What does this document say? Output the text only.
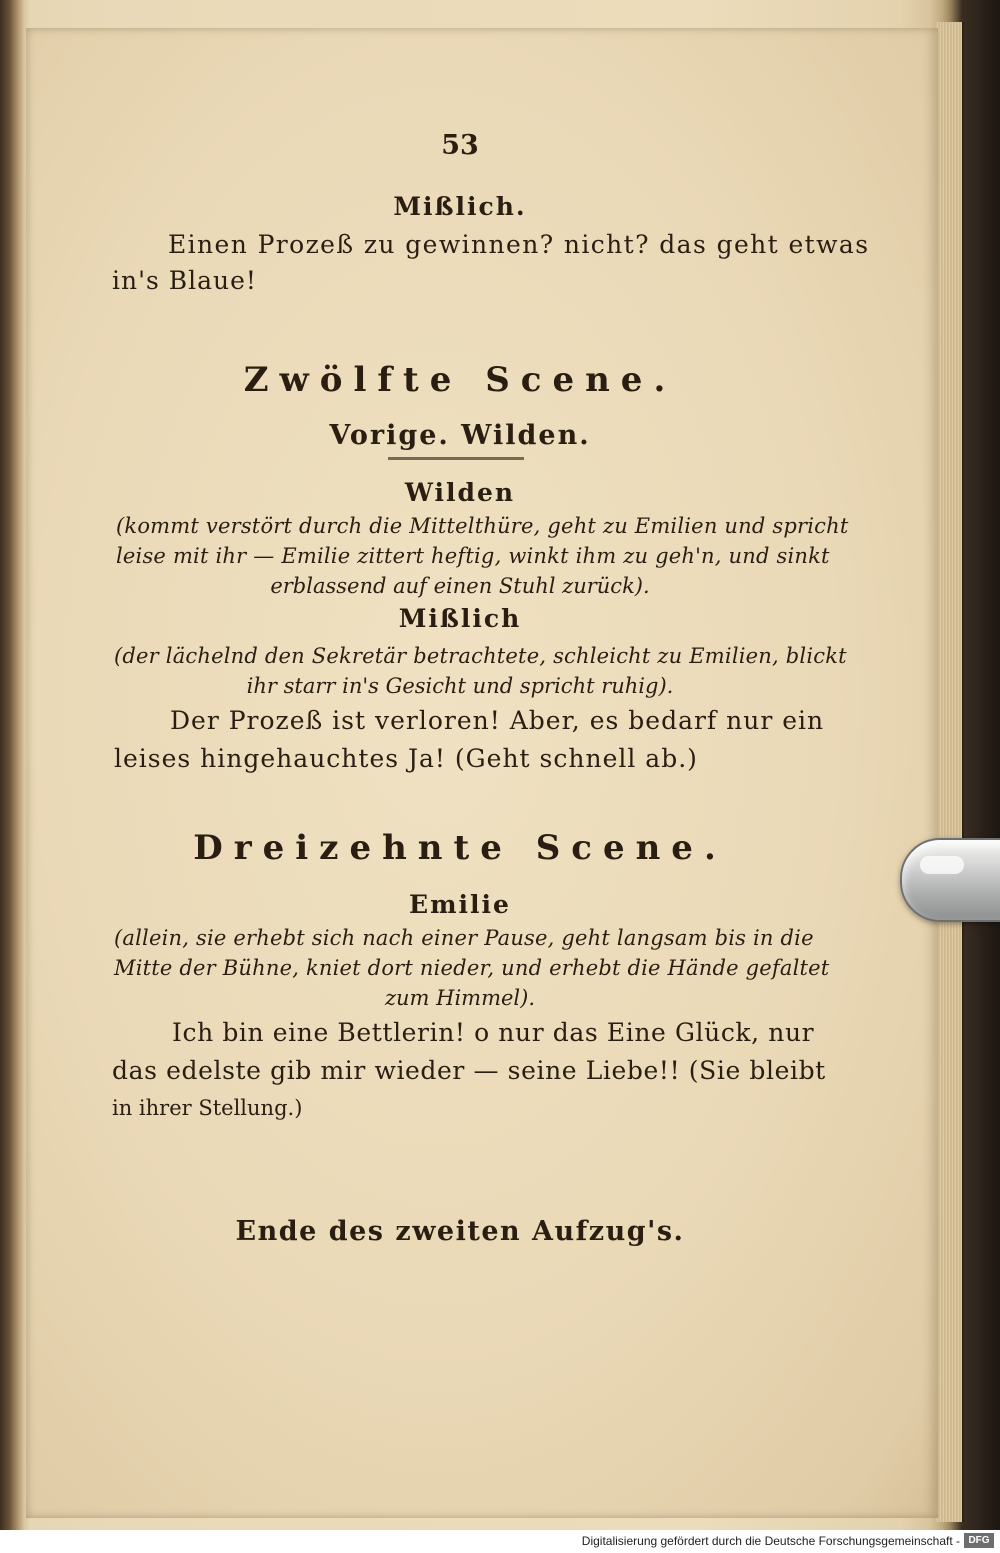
53

Mißlich.

Einen Prozeß zu gewinnen? nicht? das geht etwas

in's Blaue!

Zwölfte Scene.

Vorige. Wilden.

Wilden

(kommt verstört durch die Mittelthüre, geht zu Emilien und spricht

leise mit ihr — Emilie zittert heftig, winkt ihm zu geh'n, und sinkt

erblassend auf einen Stuhl zurück).

Mißlich

(der lächelnd den Sekretär betrachtete, schleicht zu Emilien, blickt

ihr starr in's Gesicht und spricht ruhig).

Der Prozeß ist verloren! Aber, es bedarf nur ein

leises hingehauchtes Ja! (Geht schnell ab.)

Dreizehnte Scene.

Emilie

(allein, sie erhebt sich nach einer Pause, geht langsam bis in die

Mitte der Bühne, kniet dort nieder, und erhebt die Hände gefaltet

zum Himmel).

Ich bin eine Bettlerin! o nur das Eine Glück, nur

das edelste gib mir wieder — seine Liebe!! (Sie bleibt

in ihrer Stellung.)

Ende des zweiten Aufzug's.

Digitalisierung gefördert durch die Deutsche Forschungsgemeinschaft - DFG
